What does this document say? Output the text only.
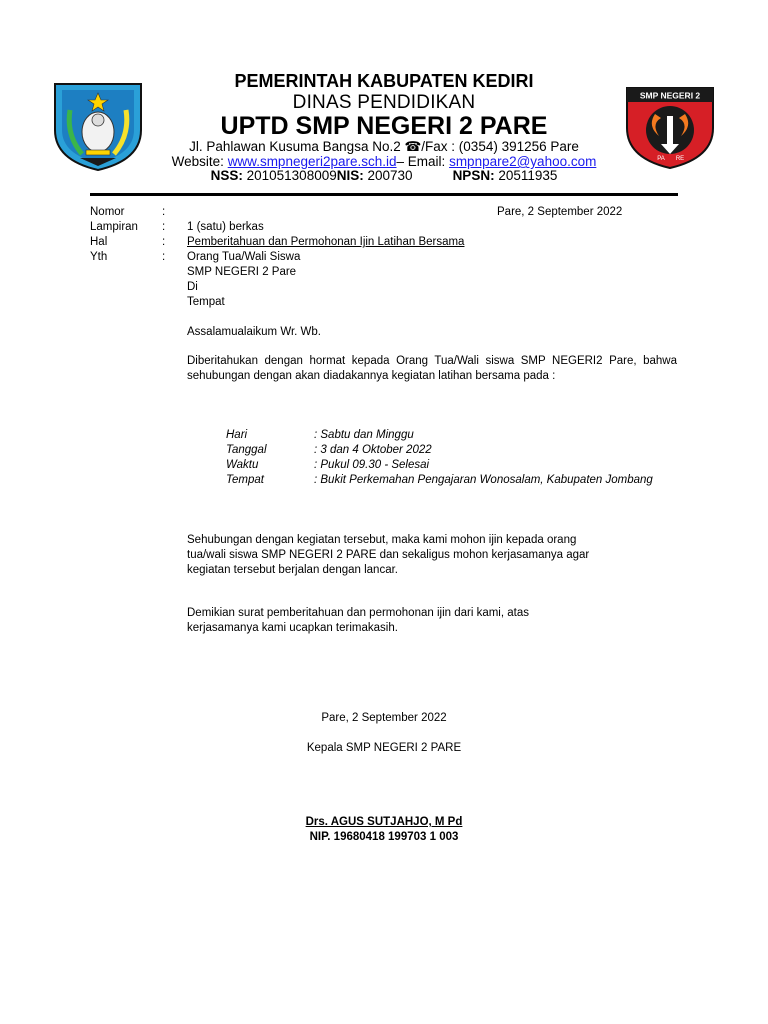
SMP NEGERI 2
PA RE
PEMERINTAH KABUPATEN KEDIRI
DINAS PENDIDIKAN
UPTD SMP NEGERI 2 PARE
Jl. Pahlawan Kusuma Bangsa No.2 ☎/Fax : (0354) 391256 Pare
Website: www.smpnegeri2pare.sch.id– Email: smpnpare2@yahoo.com
NSS: 201051308009NIS: 200730	NPSN: 20511935
Pare, 2 September 2022
Nomor	:
Lampiran	: 1 (satu) berkas
Hal	: Pemberitahuan dan Permohonan Ijin Latihan Bersama
Yth	: Orang Tua/Wali Siswa
SMP NEGERI 2 Pare
Di
Tempat
Assalamualaikum Wr. Wb.
Diberitahukan dengan hormat kepada Orang Tua/Wali siswa SMP NEGERI2 Pare, bahwa sehubungan dengan akan diadakannya kegiatan latihan bersama pada :
Hari	: Sabtu dan Minggu
Tanggal	: 3 dan 4 Oktober 2022
Waktu	: Pukul 09.30 - Selesai
Tempat	: Bukit Perkemahan Pengajaran Wonosalam, Kabupaten Jombang
Sehubungan dengan kegiatan tersebut, maka kami mohon ijin kepada orang
tua/wali siswa SMP NEGERI 2 PARE dan sekaligus mohon kerjasamanya agar
kegiatan tersebut berjalan dengan lancar.
Demikian surat pemberitahuan dan permohonan ijin dari kami, atas
kerjasamanya kami ucapkan terimakasih.
Pare, 2 September 2022
Kepala SMP NEGERI 2 PARE
Drs. AGUS SUTJAHJO, M Pd
NIP. 19680418 199703 1 003
